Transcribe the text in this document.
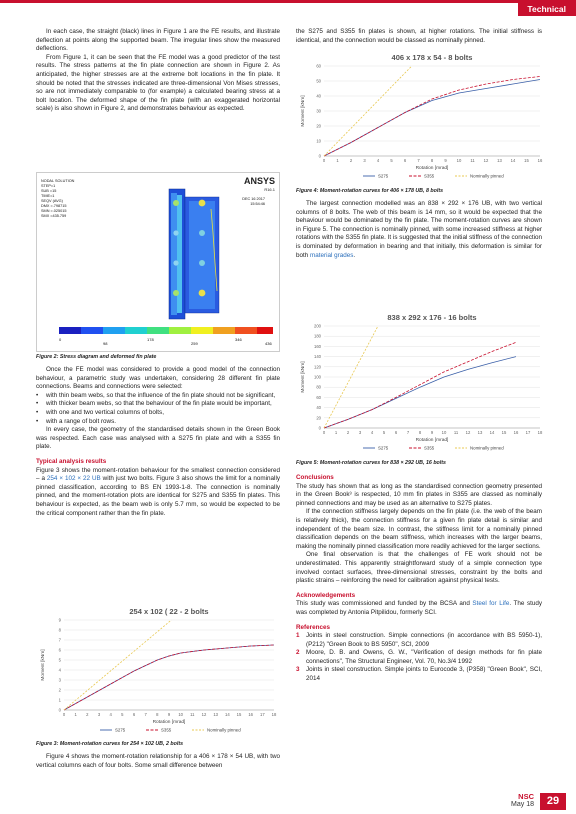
Technical

In each case, the straight (black) lines in Figure 1 are the FE results, and illustrate deflection at points along the supported beam. The irregular lines show the measured deflections.

From Figure 1, it can be seen that the FE model was a good predictor of the test results. The stress patterns at the fin plate connection are shown in Figure 2. As anticipated, the higher stresses are at the extreme bolt locations in the fin plate. It should be noted that the stresses indicated are three-dimensional Von Mises stresses, so are not immediately comparable to (for example) a calculated bearing stress at a bolt location. The deformed shape of the fin plate (with an exaggerated horizontal scale) is also shown in Figure 2, and demonstrates behaviour as expected.

NODAL SOLUTION
STEP=1
SUB =15
TIME=1
SEQV (AVG)
DMX =.798715
SMN =.025015
SMX =435.759
ANSYS
R16.1
DEC 16 2017
15:54:46
0
98
178
259
346
436
Figure 2: Stress diagram and deformed fin plate

Once the FE model was considered to provide a good model of the connection behaviour, a parametric study was undertaken, considering 28 different fin plate connections. Beams and connections were selected:

• with thin beam webs, so that the influence of the fin plate should not be significant,
• with thicker beam webs, so that the behaviour of the fin plate would be important,
• with one and two vertical columns of bolts,
• with a range of bolt rows.

In every case, the geometry of the standardised details shown in the Green Book was respected. Each case was analysed with a S275 fin plate and with a S355 fin plate.

Typical analysis results

Figure 3 shows the moment-rotation behaviour for the smallest connection considered – a 254 × 102 × 22 UB with just two bolts. Figure 3 also shows the limit for a nominally pinned classification, according to BS EN 1993-1-8. The connection is nominally pinned, and the moment-rotation plots are identical for S275 and S355 fin plates. This behaviour is expected, as the beam web is only 5.7 mm, so would be expected to be the critical component rather than the fin plate.

254 x 102 ( 22 - 2 bolts
0
1
2
3
4
5
6
7
8
9
0 1 2 3 4 5 6 7 8 9 10 11 12 13 14 15 16 17 18
Rotation [mrad]
Moment [kNm]
S275	S355	Nominally pinned
Figure 3: Moment-rotation curves for 254 × 102 UB, 2 bolts

Figure 4 shows the moment-rotation relationship for a 406 × 178 × 54 UB, with two vertical columns each of four bolts. Some small difference between

the S275 and S355 fin plates is shown, at higher rotations. The initial stiffness is identical, and the connection would be classed as nominally pinned.

406 x 178 x 54 - 8 bolts
0
10
20
30
40
50
60
0	1	2	3	4	5	6	7	8	9 10 11 12 13 14 15 16
Rotation [mrad]
Moment [kNm]
S275	S355	Nominally pinned
Figure 4: Moment-rotation curves for 406 × 178 UB, 8 bolts

The largest connection modelled was an 838 × 292 × 176 UB, with two vertical columns of 8 bolts. The web of this beam is 14 mm, so it would be expected that the behaviour would be dominated by the fin plate. The moment-rotation curves are shown in Figure 5. The connection is nominally pinned, with some increased stiffness at higher rotations with the S355 fin plate. It is suggested that the initial stiffness of the connection is dominated by deformation in bearing and that initially, this deformation is similar for both material grades.

838 x 292 x 176 - 16 bolts
0
20
40
60
80
100
120
140
160
180
200
0 1 2 3 4 5 6 7 8 9 10 11 12 13 14 15 16 17 18
Rotation [mrad]
Moment [kNm]
S275	S355	Nominally pinned
Figure 5: Moment-rotation curves for 838 × 292 UB, 16 bolts

Conclusions

The study has shown that as long as the standardised connection geometry presented in the Green Book³ is respected, 10 mm fin plates in S355 are classed as nominally pinned connections and may be used as an alternative to S275 plates.

If the connection stiffness largely depends on the fin plate (i.e. the web of the beam is relatively thick), the connection stiffness for a given fin plate detail is similar and independent of the beam size. In contrast, the stiffness limit for a nominally pinned classification depends on the beam stiffness, which increases with the larger beams, making the nominally pinned classification more readily achieved for the larger sections.

One final observation is that the challenges of FE work should not be underestimated. This apparently straightforward study of a simple connection type involved contact surfaces, three-dimensional stresses, constraint by the bolts and plastic strains – reinforcing the need for calibration against physical tests.

Acknowledgements

This study was commissioned and funded by the BCSA and Steel for Life. The study was completed by Antonia Pitpilidou, formerly SCI.

References

1 Joints in steel construction. Simple connections (in accordance with BS 5950-1), (P212) "Green Book to BS 5950", SCI, 2009
2 Moore, D. B. and Owens, G. W., "Verification of design methods for fin plate connections", The Structural Engineer, Vol. 70, No.3/4 1992
3 Joints in steel construction. Simple joints to Eurocode 3, (P358) "Green Book", SCI, 2014
NSC
May 18	29
